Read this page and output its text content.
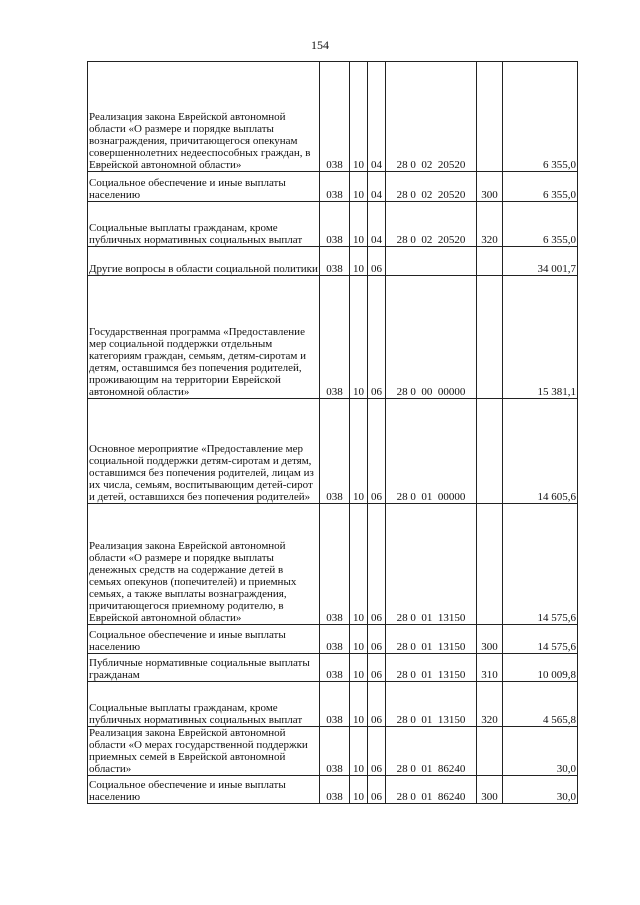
154
Реализация закона Еврейской автономной области «О размере и порядке выплаты вознаграждения, причитающегося опекунам совершеннолетних недееспособных граждан, в Еврейской автономной области»	038	10	04	28 0  02  20520		6 355,0
Социальное обеспечение и иные выплаты населению	038	10	04	28 0  02  20520	300	6 355,0
Социальные выплаты гражданам, кроме публичных нормативных социальных выплат	038	10	04	28 0  02  20520	320	6 355,0
Другие вопросы в области социальной политики	038	10	06			34 001,7
Государственная программа «Предоставление мер социальной поддержки отдельным категориям граждан, семьям, детям-сиротам и детям, оставшимся без попечения родителей, проживающим на территории Еврейской автономной области»	038	10	06	28 0  00  00000		15 381,1
Основное мероприятие «Предоставление мер социальной поддержки детям-сиротам и детям, оставшимся без попечения родителей, лицам из их числа, семьям, воспитывающим детей-сирот и детей, оставшихся без попечения родителей»	038	10	06	28 0  01  00000		14 605,6
Реализация закона Еврейской автономной области «О размере и порядке выплаты денежных средств на содержание детей в семьях опекунов (попечителей) и приемных семьях, а также выплаты вознаграждения, причитающегося приемному родителю, в Еврейской автономной области»	038	10	06	28 0  01  13150		14 575,6
Социальное обеспечение и иные выплаты населению	038	10	06	28 0  01  13150	300	14 575,6
Публичные нормативные социальные выплаты гражданам	038	10	06	28 0  01  13150	310	10 009,8
Социальные выплаты гражданам, кроме публичных нормативных социальных выплат	038	10	06	28 0  01  13150	320	4 565,8
Реализация закона Еврейской автономной области «О мерах государственной поддержки приемных семей в Еврейской автономной области»	038	10	06	28 0  01  86240		30,0
Социальное обеспечение и иные выплаты населению	038	10	06	28 0  01  86240	300	30,0
